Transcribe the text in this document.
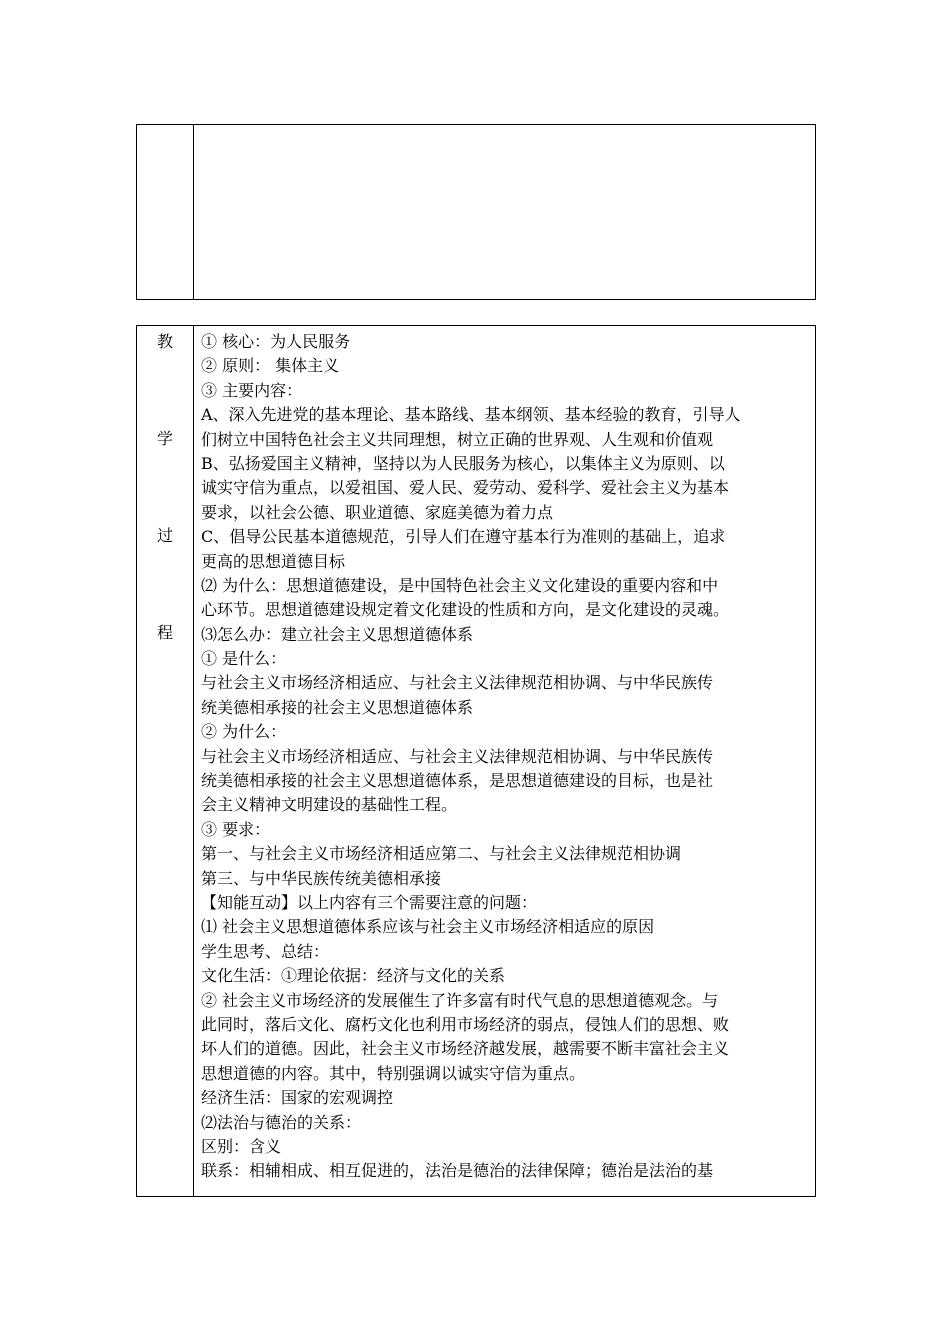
教
学
过
程
① 核心：为人民服务
② 原则： 集体主义
③ 主要内容：
A、深入先进党的基本理论、基本路线、基本纲领、基本经验的教育，引导人
们树立中国特色社会主义共同理想，树立正确的世界观、人生观和价值观
B、弘扬爱国主义精神，坚持以为人民服务为核心，以集体主义为原则、以
诚实守信为重点，以爱祖国、爱人民、爱劳动、爱科学、爱社会主义为基本
要求，以社会公德、职业道德、家庭美德为着力点
C、倡导公民基本道德规范，引导人们在遵守基本行为准则的基础上，追求
更高的思想道德目标
⑵ 为什么：思想道德建设，是中国特色社会主义文化建设的重要内容和中
心环节。思想道德建设规定着文化建设的性质和方向，是文化建设的灵魂。
⑶怎么办：建立社会主义思想道德体系
① 是什么：
与社会主义市场经济相适应、与社会主义法律规范相协调、与中华民族传
统美德相承接的社会主义思想道德体系
② 为什么：
与社会主义市场经济相适应、与社会主义法律规范相协调、与中华民族传
统美德相承接的社会主义思想道德体系，是思想道德建设的目标，也是社
会主义精神文明建设的基础性工程。
③ 要求：
第一、与社会主义市场经济相适应第二、与社会主义法律规范相协调
第三、与中华民族传统美德相承接
【知能互动】以上内容有三个需要注意的问题：
⑴ 社会主义思想道德体系应该与社会主义市场经济相适应的原因
学生思考、总结：
文化生活：①理论依据：经济与文化的关系
② 社会主义市场经济的发展催生了许多富有时代气息的思想道德观念。与
此同时，落后文化、腐朽文化也利用市场经济的弱点，侵蚀人们的思想、败
坏人们的道德。因此，社会主义市场经济越发展，越需要不断丰富社会主义
思想道德的内容。其中，特别强调以诚实守信为重点。
经济生活：国家的宏观调控
⑵法治与德治的关系：
区别：含义
联系：相辅相成、相互促进的，法治是德治的法律保障；德治是法治的基
